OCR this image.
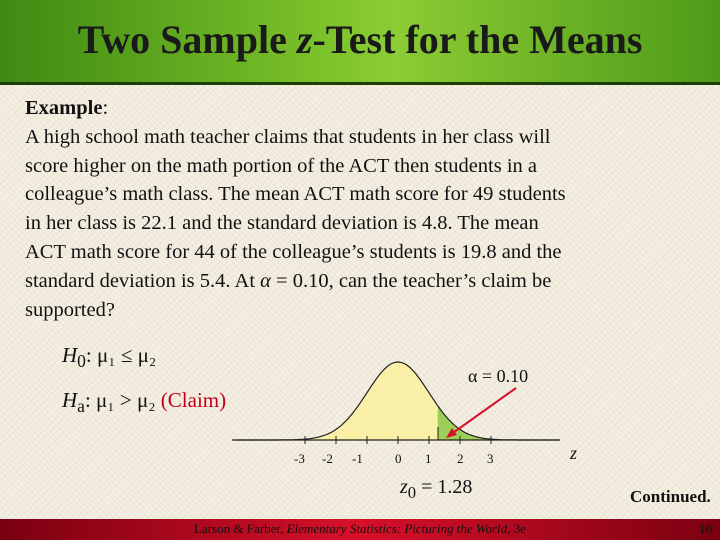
Two Sample z-Test for the Means

Example:

A high school math teacher claims that students in her class will

score higher on the math portion of the ACT then students in a

colleague’s math class. The mean ACT math score for 49 students

in her class is 22.1 and the standard deviation is 4.8. The mean

ACT math score for 44 of the colleague’s students is 19.8 and the

standard deviation is 5.4. At α = 0.10, can the teacher’s claim be

supported?

$H_0$: μ₁ ≤ μ₂
$H_a$: μ₁ > μ₂ (Claim)
α = 0.10
-3 -2 -1 0 1 2 3	z
$z_0 = 1.28$	Continued.
Larson & Farber, Elementary Statistics: Picturing the World, 3e	10
